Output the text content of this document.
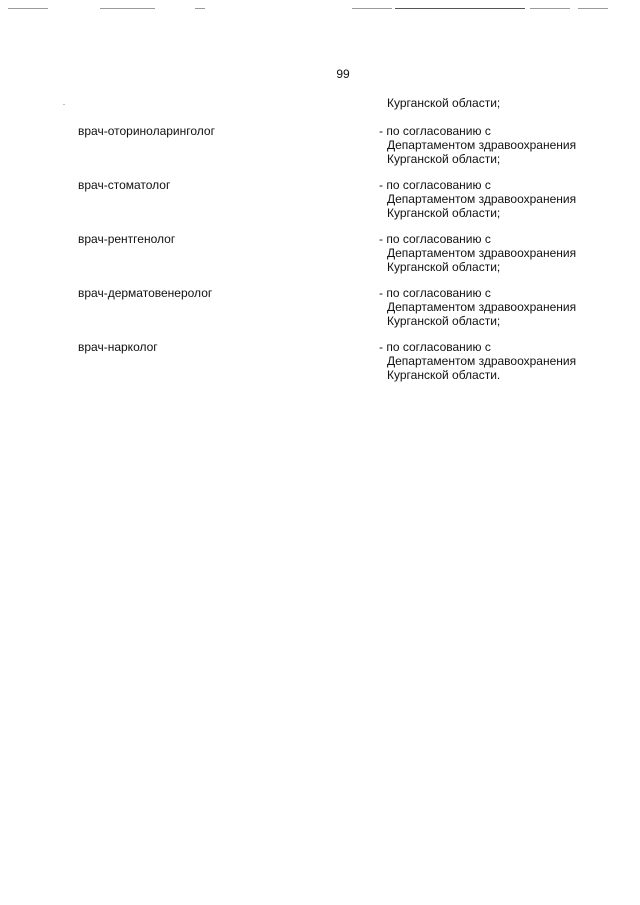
99
Курганской области;
врач-оториноларинголог	- по согласованию с
Департаментом здравоохранения
Курганской области;
врач-стоматолог	- по согласованию с
Департаментом здравоохранения
Курганской области;
врач-рентгенолог	- по согласованию с
Департаментом здравоохранения
Курганской области;
врач-дерматовенеролог	- по согласованию с
Департаментом здравоохранения
Курганской области;
врач-нарколог	- по согласованию с
Департаментом здравоохранения
Курганской области.
